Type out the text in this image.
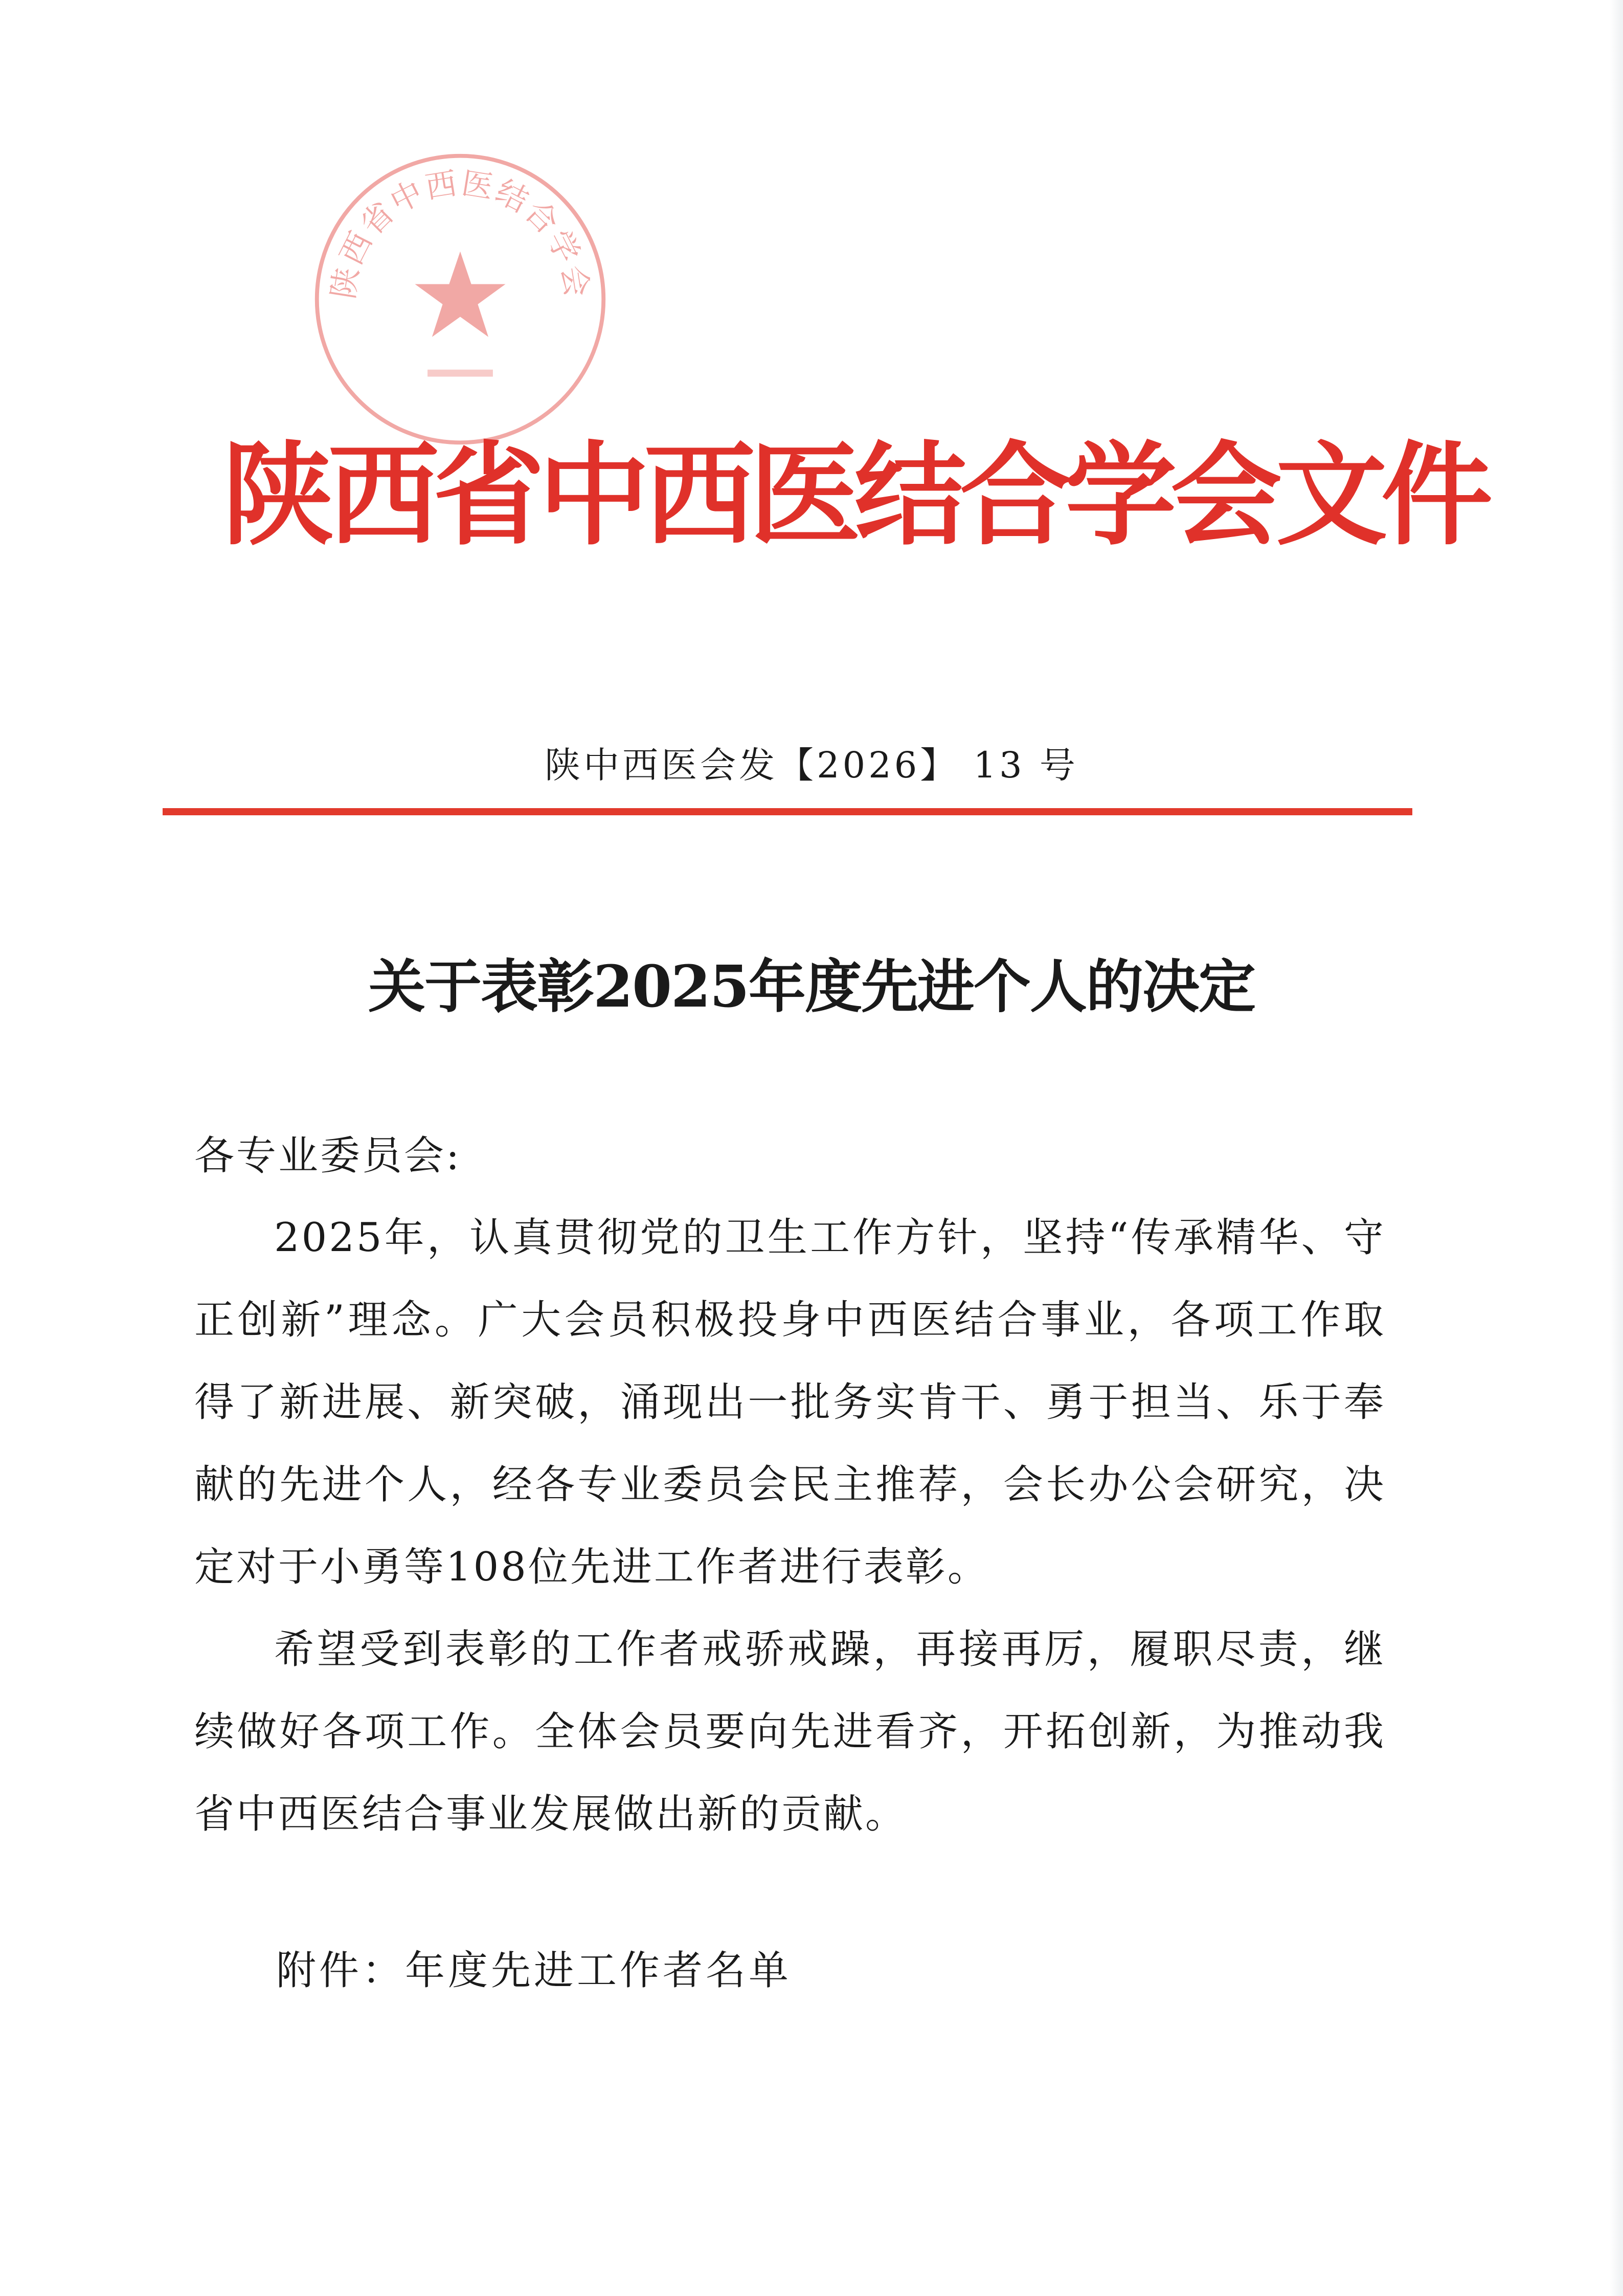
陕西省中西医结合学会
陕 西 省 中 西 医 结 合 学 会 文 件
陕中西医会发【2026】 13 号
关于表彰2025年度先进个人的决定

各专业委员会:

2025年，认真贯彻党的卫生工作方针，坚持“传承精华、守正创新”理念。广大会员积极投身中西医结合事业，各项工作取得了新进展、新突破，涌现出一批务实肯干、勇于担当、乐于奉献的先进个人，经各专业委员会民主推荐，会长办公会研究，决定对于小勇等108位先进工作者进行表彰。

希望受到表彰的工作者戒骄戒躁，再接再厉，履职尽责，继续做好各项工作。全体会员要向先进看齐，开拓创新，为推动我省中西医结合事业发展做出新的贡献。

附件：年度先进工作者名单
